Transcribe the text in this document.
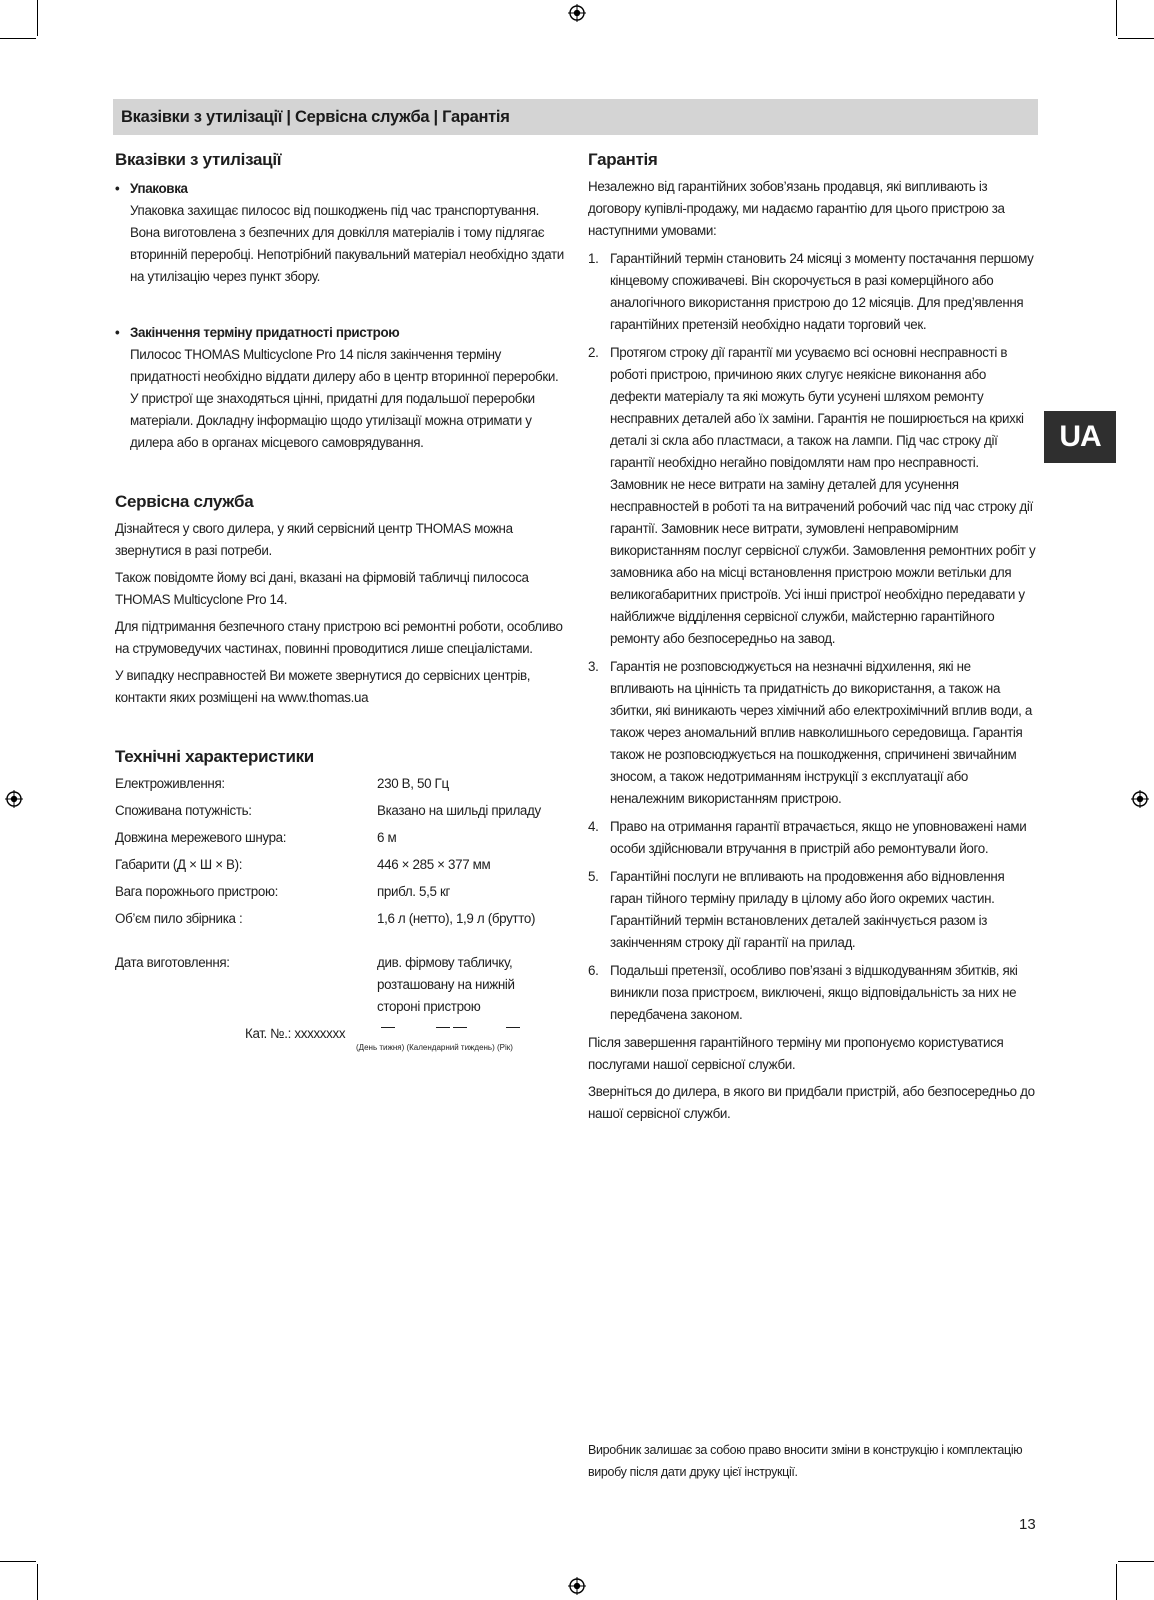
Вказівки з утилізації | Сервісна служба | Гарантія
UA
Вказівки з утилізації
• Упаковка

Упаковка захищає пилосос від пошкоджень під час транспортування. Вона виготовлена з безпечних для довкілля матеріалів і тому підлягає вторинній переробці. Непотрібний пакувальний матеріал необхідно здати на утилізацію через пункт збору.

• Закінчення терміну придатності пристрою

Пилосос THOMAS Multicyclone Pro 14 після закінчення терміну придатності необхідно віддати дилеру або в центр вторинної переробки. У пристрої ще знаходяться цінні, придатні для подальшої переробки матеріали. Докладну інформацію щодо утилізації можна отримати у дилера або в органах місцевого самоврядування.

Сервісна служба

Дізнайтеся у свого дилера, у який сервісний центр THOMAS можна звернутися в разі потреби.

Також повідомте йому всі дані, вказані на фірмовій табличці пилососа THOMAS Multicyclone Pro 14.

Для підтримання безпечного стану пристрою всі ремонтні роботи, особливо на струмоведучих частинах, повинні проводитися лише спеціалістами.

У випадку несправностей Ви можете звернутися до сервісних центрів, контакти яких розміщені на www.thomas.ua

Технічні характеристики
Електроживлення:	230 В, 50 Гц
Споживана потужність:	Вказано на шильді приладу
Довжина мережевого шнура:	6 м
Габарити (Д × Ш × В):	446 × 285 × 377 мм
Вага порожнього пристрою:	прибл. 5,5 кг
Об’єм пило збірника :	1,6 л (нетто), 1,9 л (брутто)
Дата виготовлення:	див. фірмову табличку, розташовану на нижній стороні пристрою
Кат. №.: xxxxxxxx
(День тижня) (Календарний тиждень) (Рік)
Гарантія

Незалежно від гарантійних зобов’язань продавця, які випливають із договору купівлі-продажу, ми надаємо гарантію для цього пристрою за наступними умовами:

1. Гарантійний термін становить 24 місяці з моменту постачання першому кінцевому споживачеві. Він скорочується в разі комерційного або аналогічного використання пристрою до 12 місяців. Для пред’явлення гарантійних претензій необхідно надати торговий чек.
2. Протягом строку дії гарантії ми усуваємо всі основні несправності в роботі пристрою, причиною яких слугує неякісне виконання або дефекти матеріалу та які можуть бути усунені шляхом ремонту несправних деталей або їх заміни. Гарантія не поширюється на крихкі деталі зі скла або пластмаси, а також на лампи. Під час строку дії гарантії необхідно негайно повідомляти нам про несправності. Замовник не несе витрати на заміну деталей для усунення несправностей в роботі та на витрачений робочий час під час строку дії гарантії. Замовник несе витрати, зумовлені неправомірним використанням послуг сервісної служби. Замовлення ремонтних робіт у замовника або на місці встановлення пристрою можли ветільки для великогабаритних пристроїв. Усі інші пристрої необхідно передавати у найближче відділення сервісної служби, майстерню гарантійного ремонту або безпосередньо на завод.
3. Гарантія не розповсюджується на незначні відхилення, які не впливають на цінність та придатність до використання, а також на збитки, які виникають через хімічний або електрохімічний вплив води, а також через аномальний вплив навколишнього середовища. Гарантія також не розповсюджується на пошкодження, спричинені звичайним зносом, а також недотриманням інструкції з експлуатації або неналежним використанням пристрою.
4. Право на отримання гарантії втрачається, якщо не уповноважені нами особи здійснювали втручання в пристрій або ремонтували його.
5. Гарантійні послуги не впливають на продовження або відновлення гаран тійного терміну приладу в цілому або його окремих частин. Гарантійний термін встановлених деталей закінчується разом із закінченням строку дії гарантії на прилад.
6. Подальші претензії, особливо пов’язані з відшкодуванням збитків, які виникли поза пристроєм, виключені, якщо відповідальність за них не передбачена законом.

Після завершення гарантійного терміну ми пропонуємо користуватися послугами нашої сервісної служби.

Зверніться до дилера, в якого ви придбали пристрій, або безпосередньо до нашої сервісної служби.

Виробник залишає за собою право вносити зміни в конструкцію і комплектацію виробу після дати друку цієї інструкції.
13
